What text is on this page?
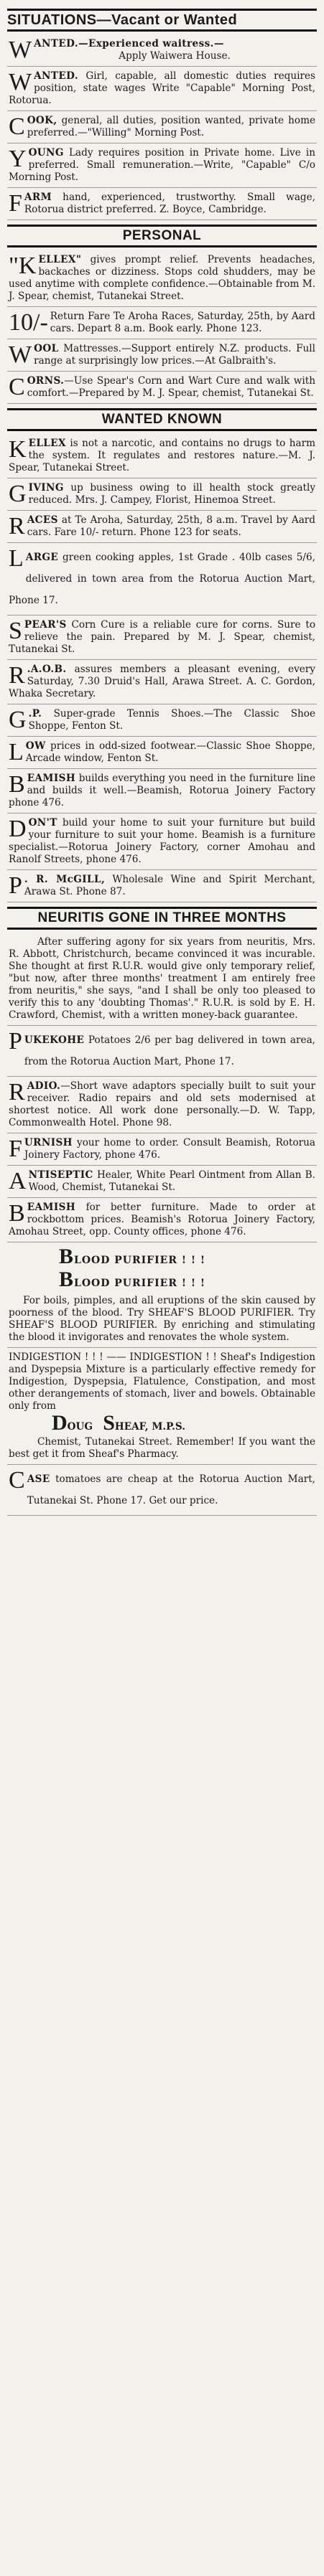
SITUATIONS—Vacant or Wanted

WANTED.—Experienced waitress.—

Apply Waiwera House.

WANTED. Girl, capable, all domestic duties requires position, state wages Write "Capable" Morning Post, Rotorua.

COOK, general, all duties, position wanted, private home preferred.—"Willing" Morning Post.

YOUNG Lady requires position in Private home. Live in preferred. Small remuneration.—Write, "Capable" C/o Morning Post.

FARM hand, experienced, trustworthy. Small wage, Rotorua district preferred. Z. Boyce, Cambridge.

PERSONAL

"KELLEX" gives prompt relief. Prevents headaches, backaches or dizziness. Stops cold shudders, may be used anytime with complete confidence.—Obtainable from M. J. Spear, chemist, Tutanekai Street.

10/- Return Fare Te Aroha Races, Saturday, 25th, by Aard cars. Depart 8 a.m. Book early. Phone 123.

WOOL Mattresses.—Support entirely N.Z. products. Full range at surprisingly low prices.—At Galbraith's.

CORNS.—Use Spear's Corn and Wart Cure and walk with comfort.—Prepared by M. J. Spear, chemist, Tutanekai St.

WANTED KNOWN

KELLEX is not a narcotic, and contains no drugs to harm the system. It regulates and restores nature.—M. J. Spear, Tutanekai Street.

GIVING up business owing to ill health stock greatly reduced. Mrs. J. Campey, Florist, Hinemoa Street.

RACES at Te Aroha, Saturday, 25th, 8 a.m. Travel by Aard cars. Fare 10/- return. Phone 123 for seats.

LARGE green cooking apples, 1st Grade . 40lb cases 5/6, delivered in town area from the Rotorua Auction Mart, Phone 17.

SPEAR'S Corn Cure is a reliable cure for corns. Sure to relieve the pain. Prepared by M. J. Spear, chemist, Tutanekai St.

R .A.O.B. assures members a pleasant evening, every Saturday, 7.30 Druid's Hall, Arawa Street. A. C. Gordon, Whaka Secretary.

G .P. Super-grade Tennis Shoes.—The Classic Shoe Shoppe, Fenton St.

LOW prices in odd-sized footwear.—Classic Shoe Shoppe, Arcade window, Fenton St.

BEAMISH builds everything you need in the furniture line and builds it well.—Beamish, Rotorua Joinery Factory phone 476.

DON'T build your home to suit your furniture but build your furniture to suit your home. Beamish is a furniture specialist.—Rotorua Joinery Factory, corner Amohau and Ranolf Streets, phone 476.

P . R. McGILL, Wholesale Wine and Spirit Merchant, Arawa St. Phone 87.

NEURITIS GONE IN THREE MONTHS

After suffering agony for six years from neuritis, Mrs. R. Abbott, Christchurch, became convinced it was incurable. She thought at first R.U.R. would give only temporary relief, "but now, after three months' treatment I am entirely free from neuritis," she says, "and I shall be only too pleased to verify this to any 'doubting Thomas'." R.U.R. is sold by E. H. Crawford, Chemist, with a written money-back guarantee.

PUKEKOHE Potatoes 2/6 per bag delivered in town area, from the Rotorua Auction Mart, Phone 17.

RADIO.—Short wave adaptors specially built to suit your receiver. Radio repairs and old sets modernised at shortest notice. All work done personally.—D. W. Tapp, Commonwealth Hotel. Phone 98.

FURNISH your home to order. Consult Beamish, Rotorua Joinery Factory, phone 476.

ANTISEPTIC Healer, White Pearl Ointment from Allan B. Wood, Chemist, Tutanekai St.

BEAMISH for better furniture. Made to order at rockbottom prices. Beamish's Rotorua Joinery Factory, Amohau Street, opp. County offices, phone 476.

BLOOD PURIFIER ! ! !
BLOOD PURIFIER ! ! !

For boils, pimples, and all eruptions of the skin caused by poorness of the blood. Try SHEAF'S BLOOD PURIFIER. Try SHEAF'S BLOOD PURIFIER. By enriching and stimulating the blood it invigorates and renovates the whole system.

INDIGESTION ! ! ! —— INDIGESTION ! ! Sheaf's Indigestion and Dyspepsia Mixture is a particularly effective remedy for Indigestion, Dyspepsia, Flatulence, Constipation, and most other derangements of stomach, liver and bowels. Obtainable only from

DOUG SHEAF, M.P.S.

Chemist, Tutanekai Street. Remember! If you want the best get it from Sheaf's Pharmacy.

CASE tomatoes are cheap at the Rotorua Auction Mart, Tutanekai St. Phone 17. Get our price.
